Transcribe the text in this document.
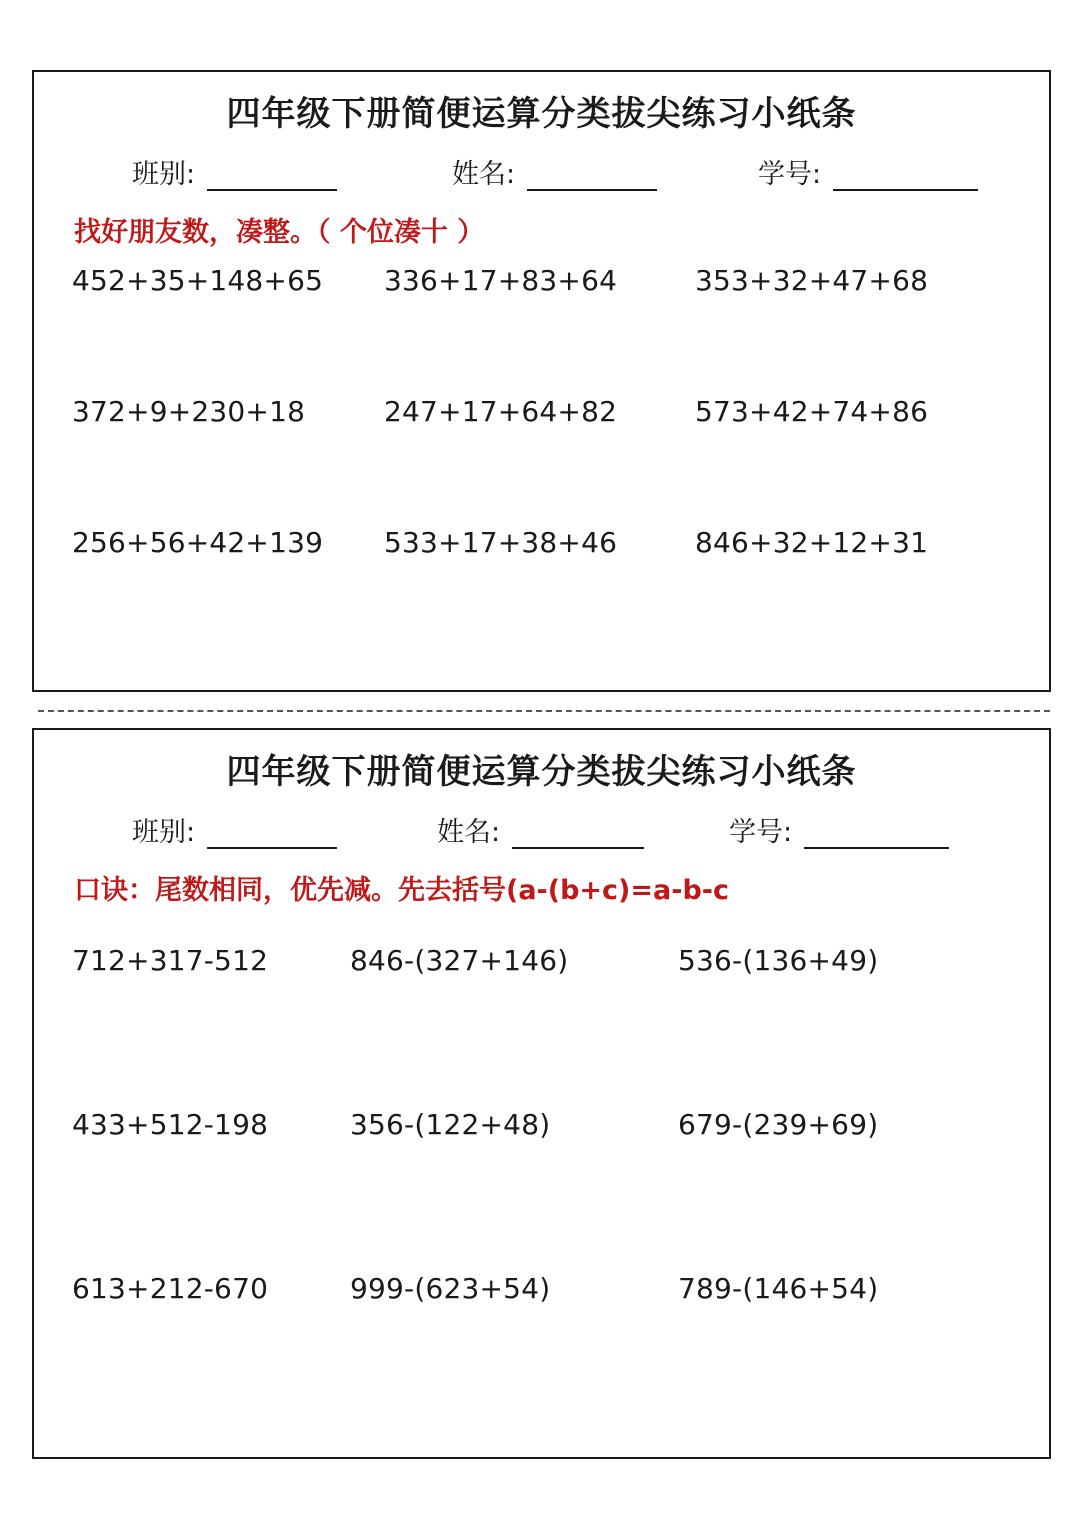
四年级下册简便运算分类拔尖练习小纸条
班别:	姓名:	学号:
找好朋友数，凑整。（ 个位凑十 ）
452+35+148+65 336+17+83+64	353+32+47+68
372+9+230+18	247+17+64+82	573+42+74+86
256+56+42+139 533+17+38+46	846+32+12+31
四年级下册简便运算分类拔尖练习小纸条
班别:	姓名:	学号:
口诀：尾数相同，优先减。先去括号(a-(b+c)=a-b-c
712+317-512	846-(327+146)	536-(136+49)
433+512-198	356-(122+48)	679-(239+69)
613+212-670	999-(623+54)	789-(146+54)
